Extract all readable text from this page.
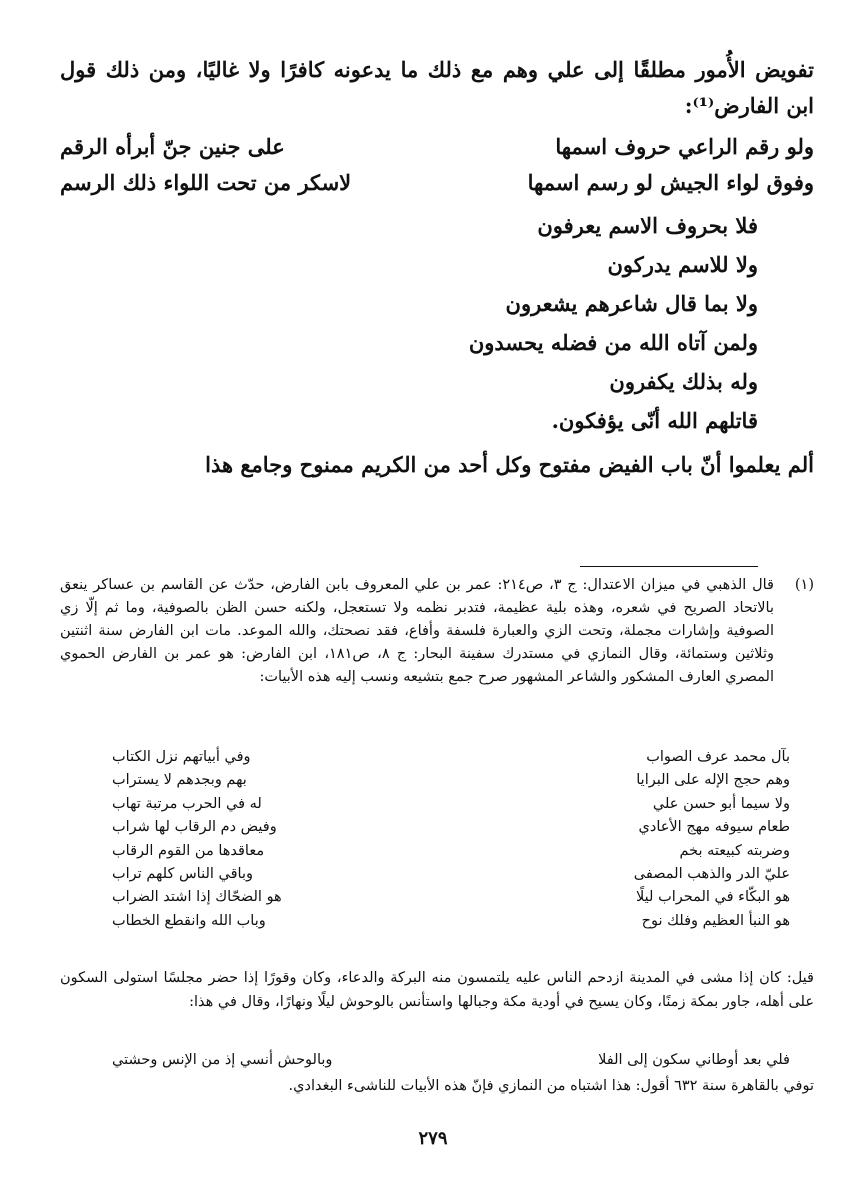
تفويض الأُمور مطلقًا إلى علي وهم مع ذلك ما يدعونه كافرًا ولا غاليًا، ومن ذلك قول ابن الفارض⁽¹⁾:
ولو رقم الراعي حروف اسمها
على جنين جنّ أبرأه الرقم
وفوق لواء الجيش لو رسم اسمها
لاسكر من تحت اللواء ذلك الرسم
فلا بحروف الاسم يعرفون
ولا للاسم يدركون
ولا بما قال شاعرهم يشعرون
ولمن آتاه الله من فضله يحسدون
وله بذلك يكفرون
قاتلهم الله أنّى يؤفكون.
ألم يعلموا أنّ باب الفيض مفتوح وكل أحد من الكريم ممنوح وجامع هذا
(١)
قال الذهبي في ميزان الاعتدال: ج ٣، ص٢١٤: عمر بن علي المعروف بابن الفارض، حدّث عن القاسم بن عساكر ينعق بالاتحاد الصريح في شعره، وهذه بلية عظيمة، فتدبر نظمه ولا تستعجل، ولكنه حسن الظن بالصوفية، وما ثم إلّا زي الصوفية وإشارات مجملة، وتحت الزي والعبارة فلسفة وأفاع، فقد نصحتك، والله الموعد. مات ابن الفارض سنة اثنتين وثلاثين وستمائة، وقال النمازي في مستدرك سفينة البحار: ج ٨، ص١٨١، ابن الفارض: هو عمر بن الفارض الحموي المصري العارف المشكور والشاعر المشهور صرح جمع بتشيعه ونسب إليه هذه الأبيات:
بآل محمد عرف الصواب
وفي أبياتهم نزل الكتاب
وهم حجج الإله على البرايا
بهم وبجدهم لا يستراب
ولا سيما أبو حسن علي
له في الحرب مرتبة تهاب
طعام سيوفه مهج الأعادي
وفيض دم الرقاب لها شراب
وضربته كبيعته بخم
معاقدها من القوم الرقاب
عليّ الدر والذهب المصفى
وباقي الناس كلهم تراب
هو البكّاء في المحراب ليلًا
هو الضحّاك إذا اشتد الضراب
هو النبأ العظيم وفلك نوح
وباب الله وانقطع الخطاب
قيل: كان إذا مشى في المدينة ازدحم الناس عليه يلتمسون منه البركة والدعاء، وكان وقورًا إذا حضر مجلسًا استولى السكون على أهله، جاور بمكة زمنًا، وكان يسيح في أودية مكة وجبالها واستأنس بالوحوش ليلًا ونهارًا، وقال في هذا:
فلي بعد أوطاني سكون إلى الفلا
وبالوحش أنسي إذ من الإنس وحشتي
توفي بالقاهرة سنة ٦٣٢ أقول: هذا اشتباه من النمازي فإنّ هذه الأبيات للناشىء البغدادي.
٢٧٩
